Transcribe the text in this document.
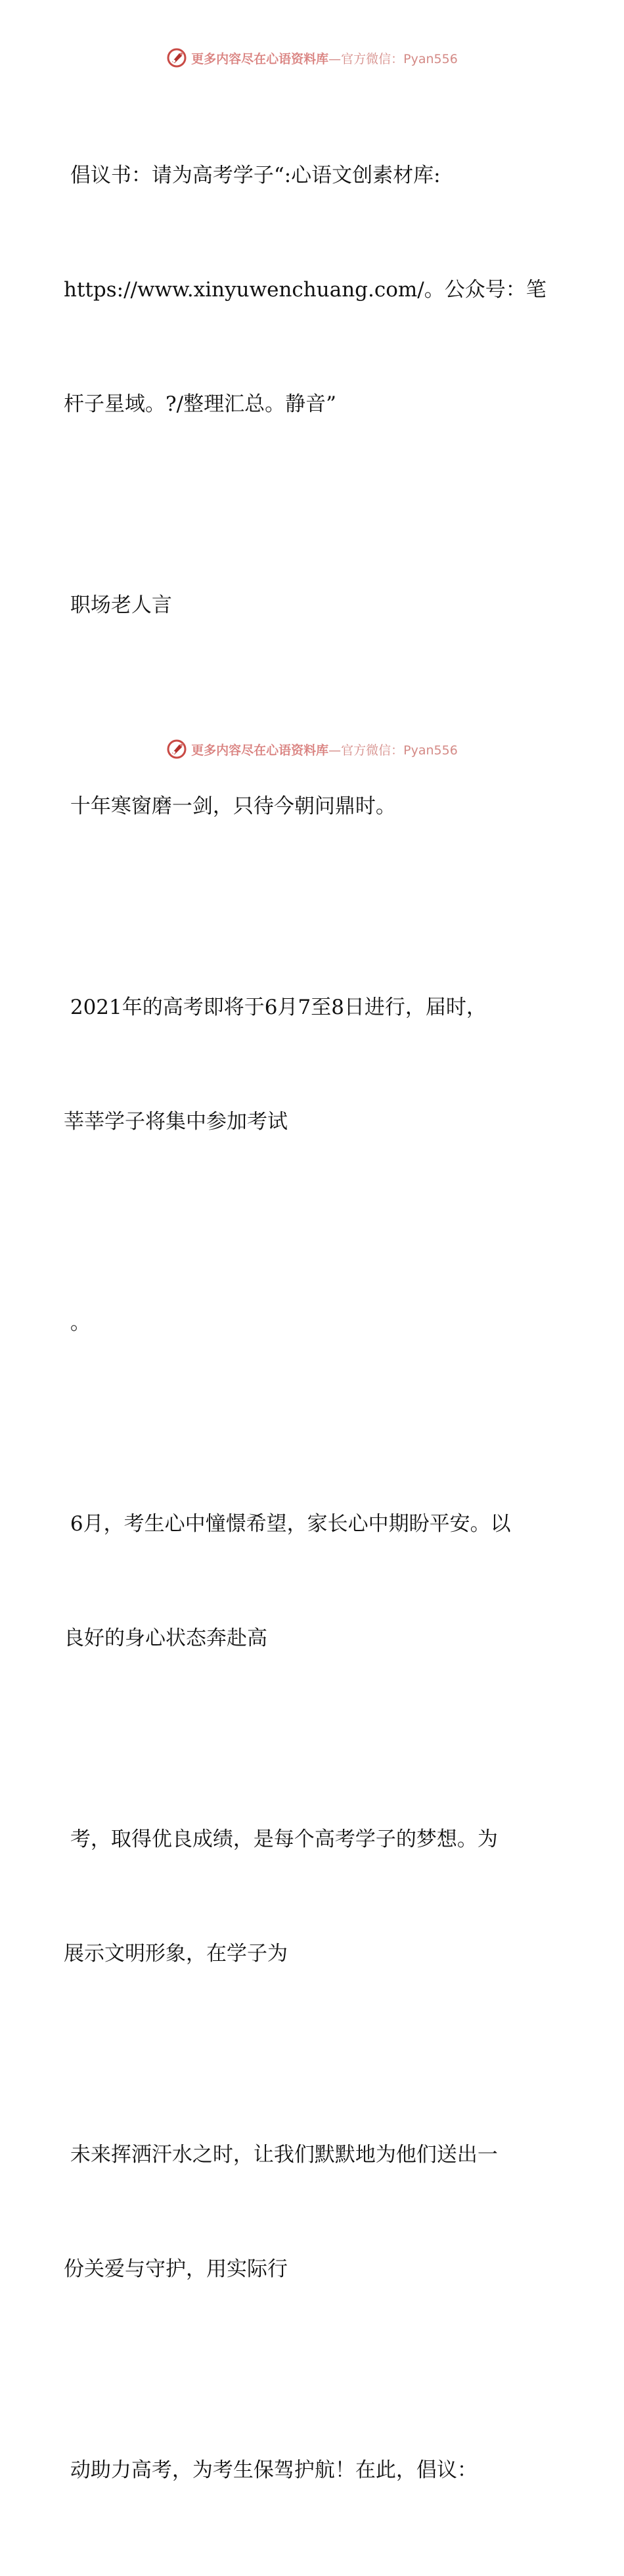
更多内容尽在心语资料库—官方微信：Pyan556

倡议书：请为高考学子“:心语文创素材库:

https://www.xinyuwenchuang.com/。公众号：笔

杆子星域。?/整理汇总。静音”

职场老人言

十年寒窗磨一剑，只待今朝问鼎时。

2021年的高考即将于6月7至8日进行，届时，

莘莘学子将集中参加考试

。

6月，考生心中憧憬希望，家长心中期盼平安。以

良好的身心状态奔赴高

考，取得优良成绩，是每个高考学子的梦想。为

展示文明形象，在学子为

未来挥洒汗水之时，让我们默默地为他们送出一

份关爱与守护，用实际行

动助力高考，为考生保驾护航！在此，倡议：

更多内容尽在心语资料库—官方微信：Pyan556
